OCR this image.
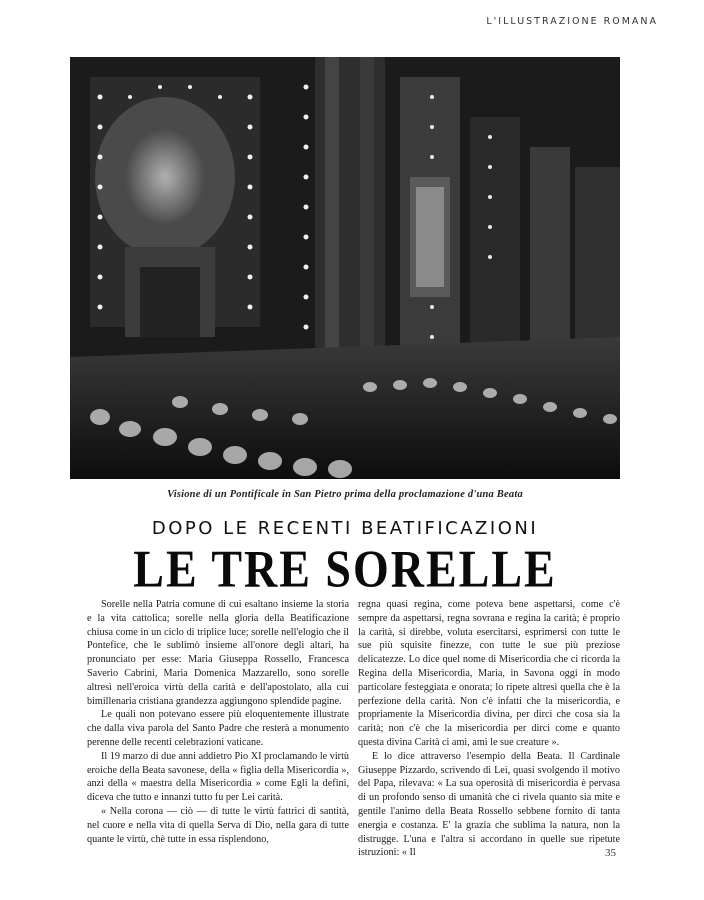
L'ILLUSTRAZIONE ROMANA
Visione di un Pontificale in San Pietro prima della proclamazione d'una Beata
DOPO LE RECENTI BEATIFICAZIONI
LE TRE SORELLE

Sorelle nella Patria comune di cui esaltano insieme la storia e la vita cattolica; sorelle nella gloria della Beatificazione chiusa come in un ciclo di triplice luce; sorelle nell'elogio che il Pontefice, che le sublimò insieme all'onore degli altari, ha pronunciato per esse: Maria Giuseppa Rossello, Francesca Saverio Cabrini, Maria Domenica Mazzarello, sono sorelle altresì nell'eroica virtù della carità e dell'apostolato, alla cui bimillenaria cristiana grandezza aggiungono splendide pagine.

Le quali non potevano essere più eloquentemente illustrate che dalla viva parola del Santo Padre che resterà a monumento perenne delle recenti celebrazioni vaticane.

Il 19 marzo di due anni addietro Pio XI proclamando le virtù eroiche della Beata savonese, della « figlia della Misericordia », anzi della « maestra della Misericordia » come Egli la definì, diceva che tutto e innanzi tutto fu per Lei carità.

« Nella corona — ciò — di tutte le virtù fattrici di santità, nel cuore e nella vita di quella Serva di Dio, nella gara di tutte quante le virtù, chè tutte in essa risplendono,

regna quasi regina, come poteva bene aspettarsi, come c'è sempre da aspettarsi, regna sovrana e regina la carità; è proprio la carità, si direbbe, voluta esercitarsi, esprimersi con tutte le sue più squisite finezze, con tutte le sue più preziose delicatezze. Lo dice quel nome di Misericordia che ci ricorda la Regina della Misericordia, Maria, in Savona oggi in modo particolare festeggiata e onorata; lo ripete altresì quella che è la perfezione della carità. Non c'è infatti che la misericordia, e propriamente la Misericordia divina, per dirci che cosa sia la carità; non c'è che la misericordia per dirci come e quanto questa divina Carità ci ami, ami le sue creature ».

E lo dice attraverso l'esempio della Beata. Il Cardinale Giuseppe Pizzardo, scrivendo di Lei, quasi svolgendo il motivo del Papa, rilevava: « La sua operosità di misericordia è pervasa di un profondo senso di umanità che ci rivela quanto sia mite e gentile l'animo della Beata Rossello sebbene fornito di tanta energia e costanza. E' la grazia che sublima la natura, non la distrugge. L'una e l'altra si accordano in quelle sue ripetute istruzioni: « Il	35
